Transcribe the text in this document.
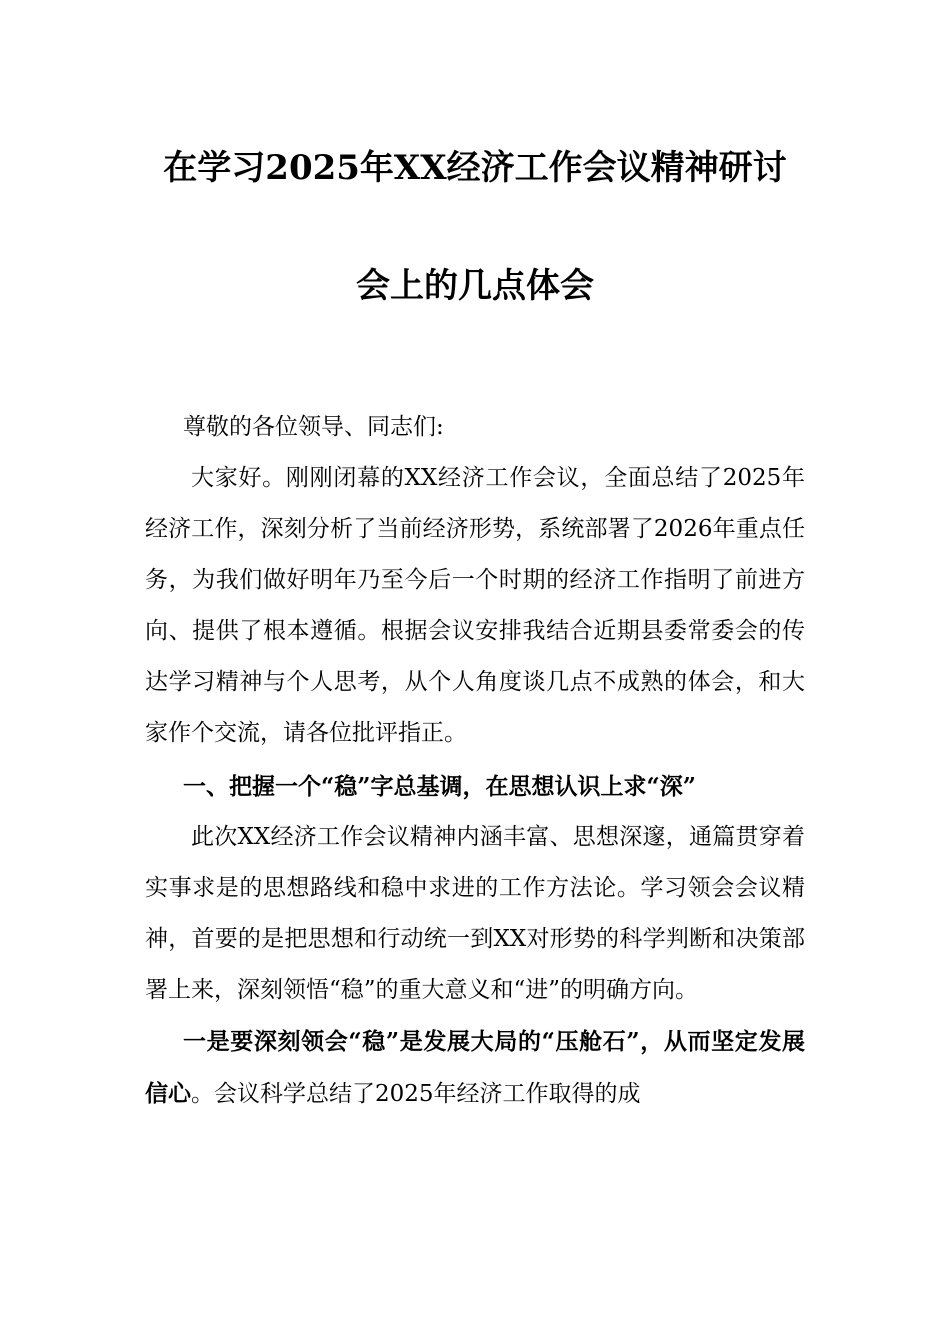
在学习2025年XX经济工作会议精神研讨
会上的几点体会

尊敬的各位领导、同志们:

大家好。刚刚闭幕的XX经济工作会议，全面总结了2025年经济工作，深刻分析了当前经济形势，系统部署了2026年重点任务，为我们做好明年乃至今后一个时期的经济工作指明了前进方向、提供了根本遵循。根据会议安排我结合近期县委常委会的传达学习精神与个人思考，从个人角度谈几点不成熟的体会，和大家作个交流，请各位批评指正。

一、把握一个“稳”字总基调，在思想认识上求“深”

此次XX经济工作会议精神内涵丰富、思想深邃，通篇贯穿着实事求是的思想路线和稳中求进的工作方法论。学习领会会议精神，首要的是把思想和行动统一到XX对形势的科学判断和决策部署上来，深刻领悟“稳”的重大意义和“进”的明确方向。

一是要深刻领会“稳”是发展大局的“压舱石”，从而坚定发展信心。会议科学总结了2025年经济工作取得的成
